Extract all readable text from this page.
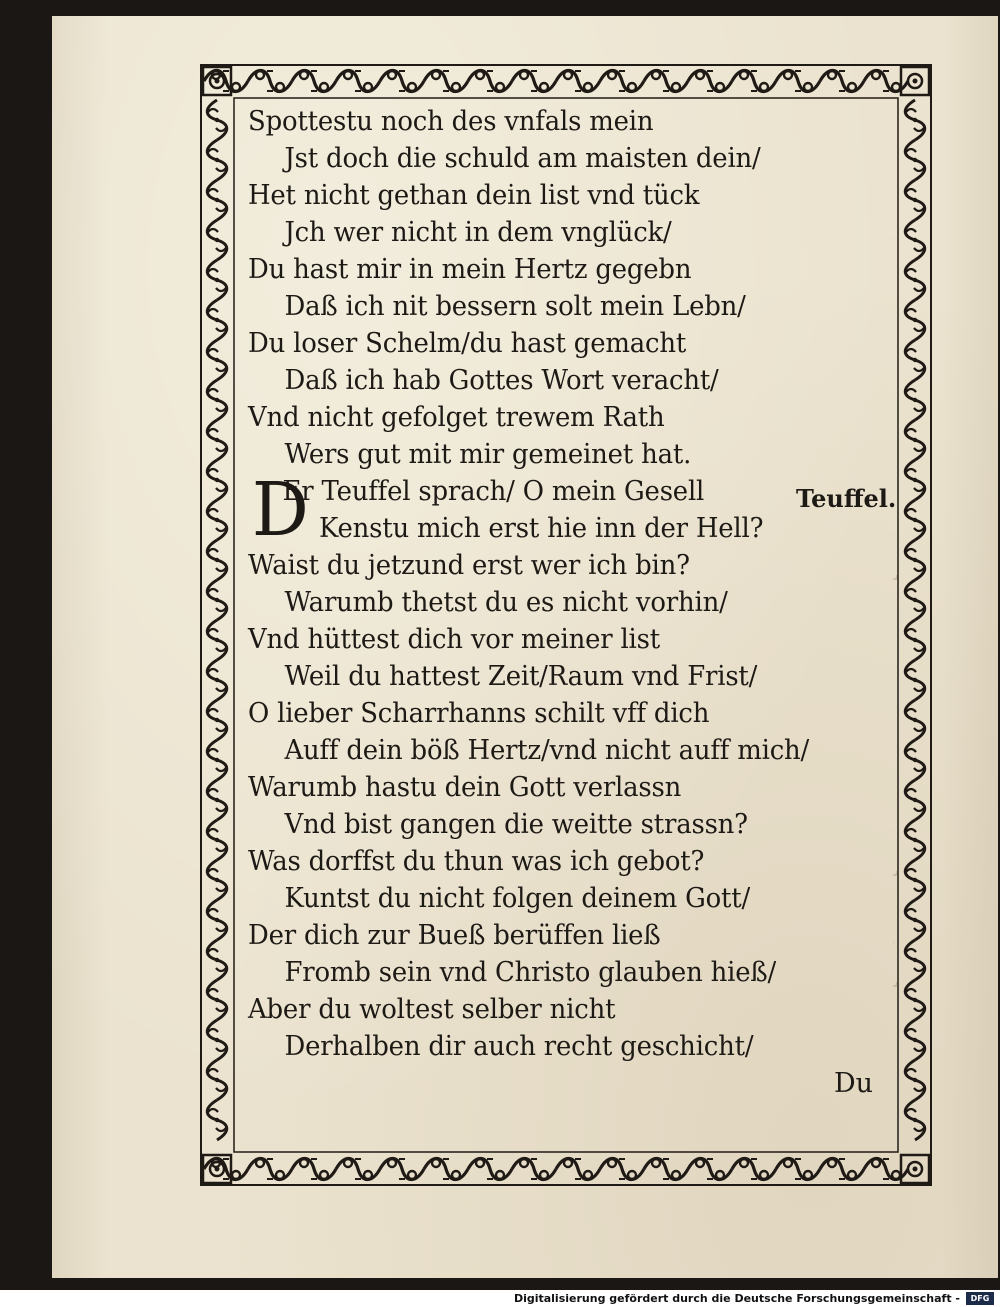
Spottestu noch des vnfals mein
Jst doch die schuld am maisten dein/
Het nicht gethan dein list vnd tück
Jch wer nicht in dem vnglück/
Du hast mir in mein Hertz gegebn
Daß ich nit bessern solt mein Lebn/
Du loser Schelm/du hast gemacht
Daß ich hab Gottes Wort veracht/
Vnd nicht gefolget trewem Rath
Wers gut mit mir gemeinet hat.
D
Er Teuffel sprach/ O mein Gesell
Kenstu mich erst hie inn der Hell?
Waist du jetzund erst wer ich bin?
Warumb thetst du es nicht vorhin/
Vnd hüttest dich vor meiner list
Weil du hattest Zeit/Raum vnd Frist/
O lieber Scharrhanns schilt vff dich
Auff dein böß Hertz/vnd nicht auff mich/
Warumb hastu dein Gott verlassn
Vnd bist gangen die weitte strassn?
Was dorffst du thun was ich gebot?
Kuntst du nicht folgen deinem Gott/
Der dich zur Bueß berüffen ließ
Fromb sein vnd Christo glauben hieß/
Aber du woltest selber nicht
Derhalben dir auch recht geschicht/
Teuffel.
Du
Digitalisierung gefördert durch die Deutsche Forschungsgemeinschaft -	DFG
